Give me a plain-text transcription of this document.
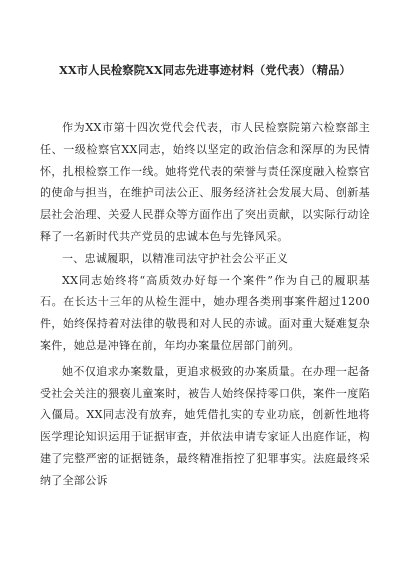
XX市人民检察院XX同志先进事迹材料（党代表）（精品）

作为XX市第十四次党代会代表，市人民检察院第六检察部主任、一级检察官XX同志，始终以坚定的政治信念和深厚的为民情怀，扎根检察工作一线。她将党代表的荣誉与责任深度融入检察官的使命与担当，在维护司法公正、服务经济社会发展大局、创新基层社会治理、关爱人民群众等方面作出了突出贡献，以实际行动诠释了一名新时代共产党员的忠诚本色与先锋风采。

一、忠诚履职，以精准司法守护社会公平正义

XX同志始终将“高质效办好每一个案件”作为自己的履职基石。在长达十三年的从检生涯中，她办理各类刑事案件超过1200件，始终保持着对法律的敬畏和对人民的赤诚。面对重大疑难复杂案件，她总是冲锋在前，年均办案量位居部门前列。

她不仅追求办案数量，更追求极致的办案质量。在办理一起备受社会关注的猥亵儿童案时，被告人始终保持零口供，案件一度陷入僵局。XX同志没有放弃，她凭借扎实的专业功底，创新性地将医学理论知识运用于证据审查，并依法申请专家证人出庭作证，构建了完整严密的证据链条，最终精准指控了犯罪事实。法庭最终采纳了全部公诉
